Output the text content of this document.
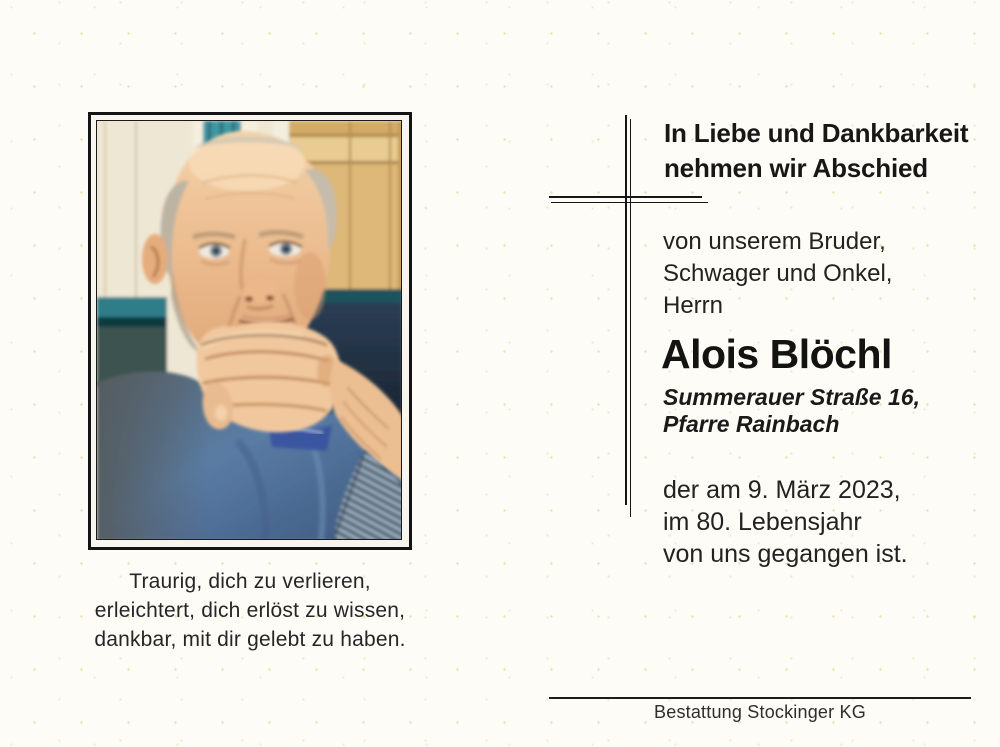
Traurig, dich zu verlieren,
erleichtert, dich erlöst zu wissen,
dankbar, mit dir gelebt zu haben.
In Liebe und Dankbarkeit
nehmen wir Abschied
von unserem Bruder,
Schwager und Onkel,
Herrn
Alois Blöchl
Summerauer Straße 16,
Pfarre Rainbach
der am 9. März 2023,
im 80. Lebensjahr
von uns gegangen ist.
Bestattung Stockinger KG
